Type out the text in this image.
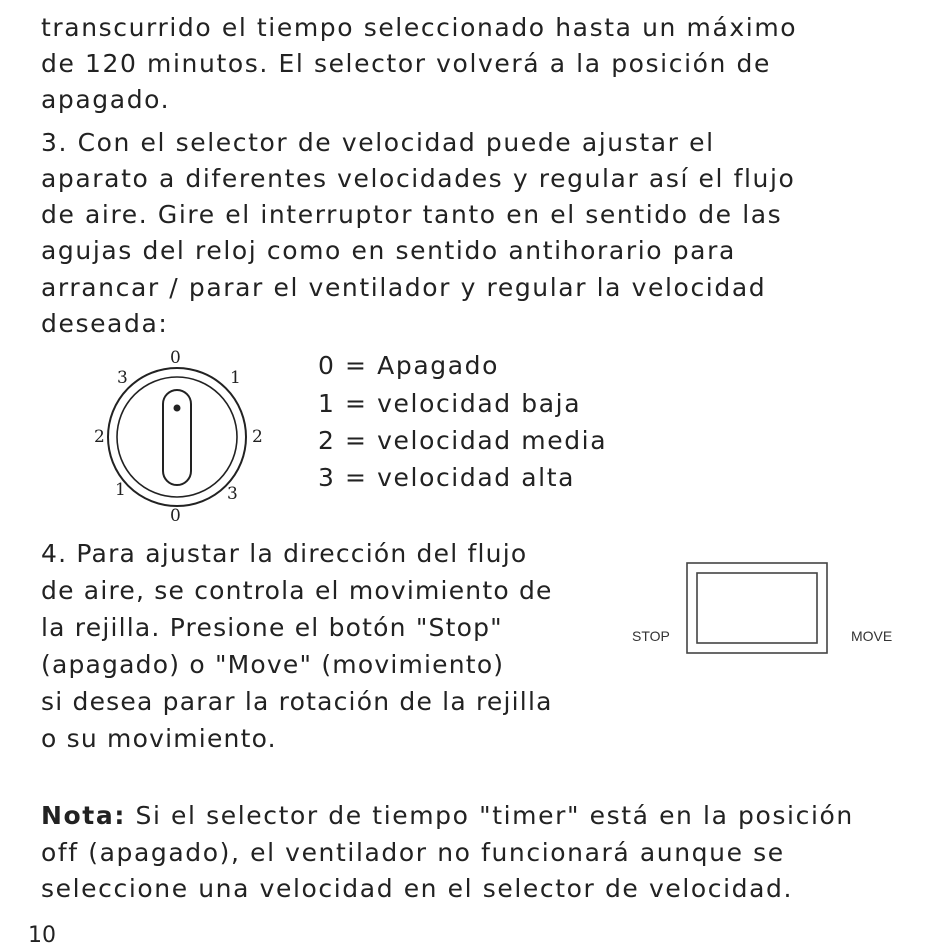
transcurrido el tiempo seleccionado hasta un máximo
de 120 minutos. El selector volverá a la posición de
apagado.
3. Con el selector de velocidad puede ajustar el
aparato a diferentes velocidades y regular así el flujo
de aire. Gire el interruptor tanto en el sentido de las
agujas del reloj como en sentido antihorario para
arrancar / parar el ventilador y regular la velocidad
deseada:
0
3	1
2	2
1	3
0
0 = Apagado
1 = velocidad baja
2 = velocidad media
3 = velocidad alta
4. Para ajustar la dirección del flujo
de aire, se controla el movimiento de
la rejilla. Presione el botón "Stop"
(apagado) o "Move" (movimiento)
si desea parar la rotación de la rejilla
o su movimiento.
STOP	MOVE
Nota: Si el selector de tiempo "timer" está en la posición
off (apagado), el ventilador no funcionará aunque se
seleccione una velocidad en el selector de velocidad.
10
